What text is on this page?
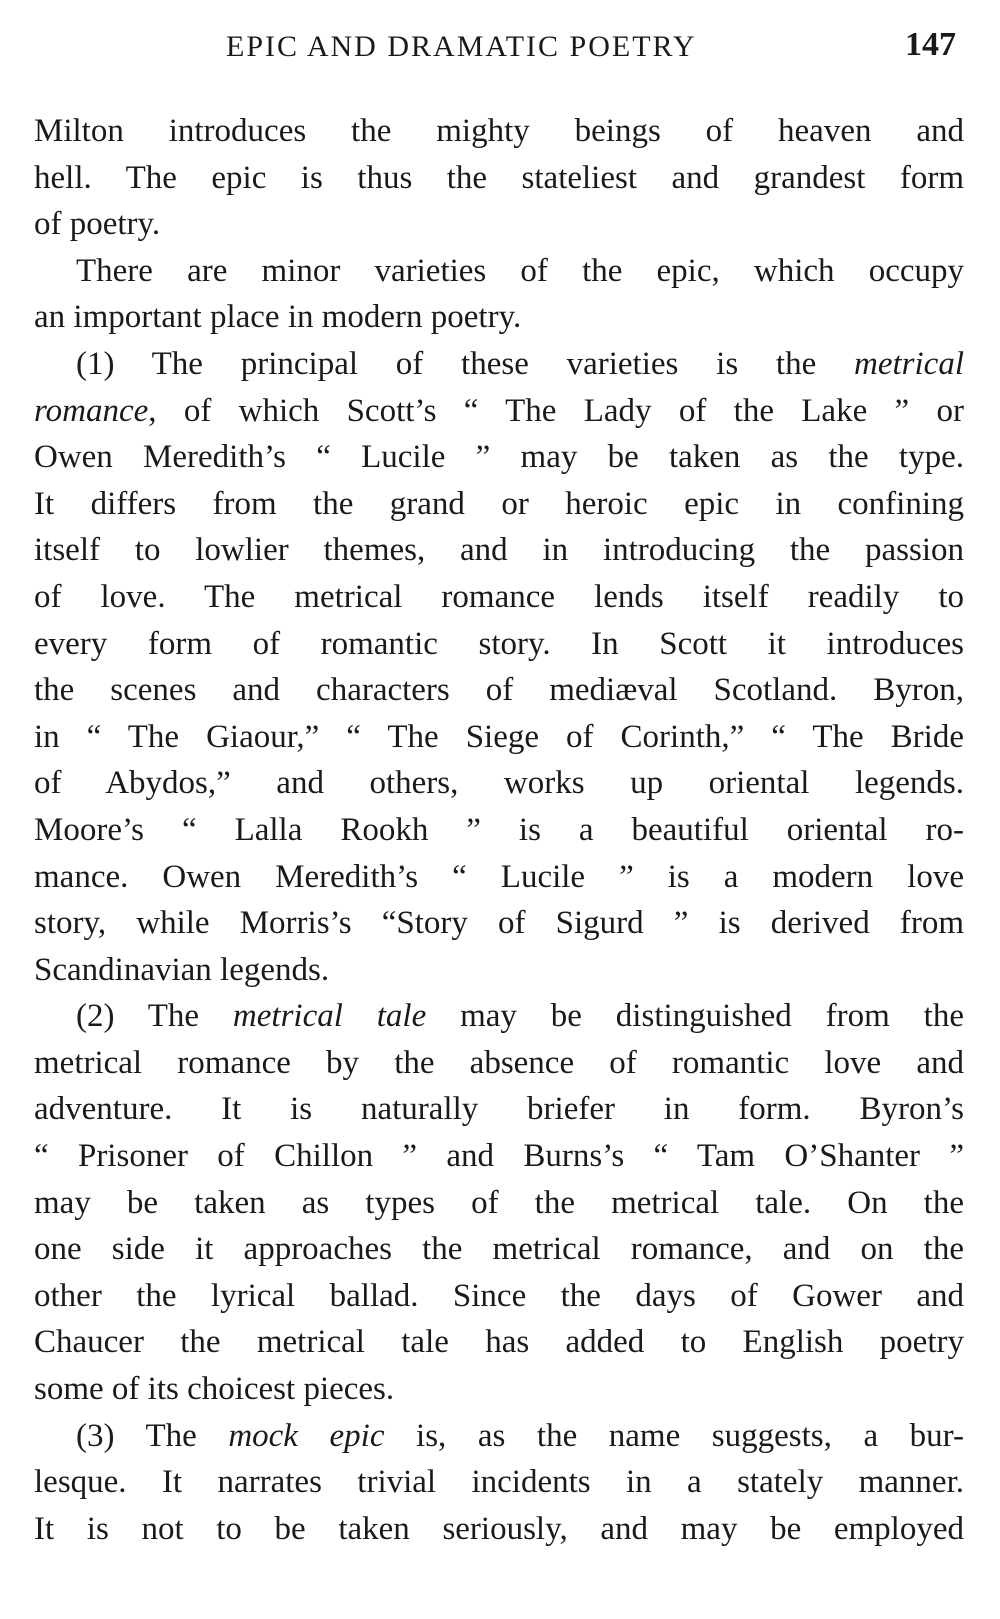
EPIC AND DRAMATIC POETRY	147
Milton introduces the mighty beings of heaven and
hell. The epic is thus the stateliest and grandest form
of poetry.
There are minor varieties of the epic, which occupy
an important place in modern poetry.
(1) The principal of these varieties is the metrical
romance, of which Scott’s “ The Lady of the Lake ” or
Owen Meredith’s “ Lucile ” may be taken as the type.
It differs from the grand or heroic epic in confining
itself to lowlier themes, and in introducing the passion
of love. The metrical romance lends itself readily to
every form of romantic story. In Scott it introduces
the scenes and characters of mediæval Scotland. Byron,
in “ The Giaour,” “ The Siege of Corinth,” “ The Bride
of Abydos,” and others, works up oriental legends.
Moore’s “ Lalla Rookh ” is a beautiful oriental ro-
mance. Owen Meredith’s “ Lucile ” is a modern love
story, while Morris’s “Story of Sigurd ” is derived from
Scandinavian legends.
(2) The metrical tale may be distinguished from the
metrical romance by the absence of romantic love and
adventure. It is naturally briefer in form. Byron’s
“ Prisoner of Chillon ” and Burns’s “ Tam O’Shanter ”
may be taken as types of the metrical tale. On the
one side it approaches the metrical romance, and on the
other the lyrical ballad. Since the days of Gower and
Chaucer the metrical tale has added to English poetry
some of its choicest pieces.
(3) The mock epic is, as the name suggests, a bur-
lesque. It narrates trivial incidents in a stately manner.
It is not to be taken seriously, and may be employed
